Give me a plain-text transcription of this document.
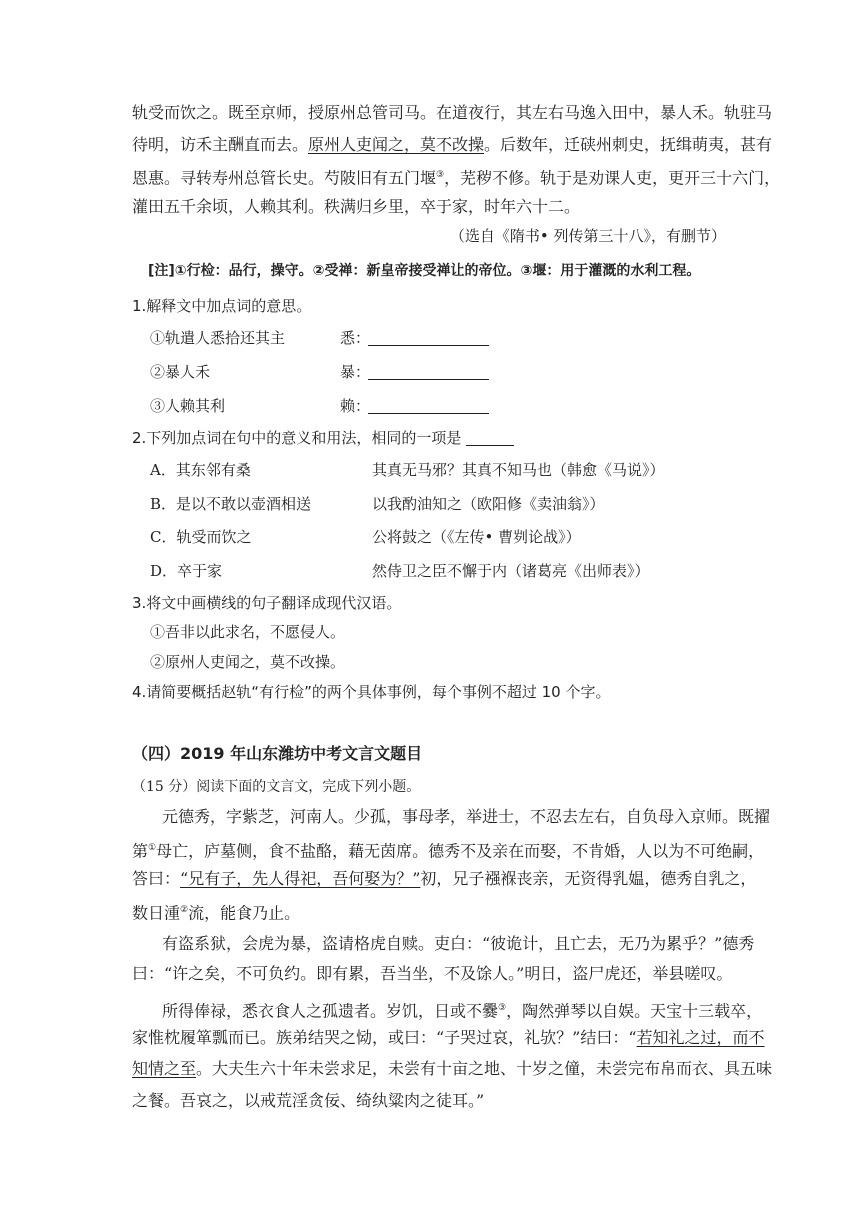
轨受而饮之。既至京师，授原州总管司马。在道夜行，其左右马逸入田中，暴人禾。轨驻马
待明，访禾主酬直而去。原州人吏闻之，莫不改操。后数年，迁硖州刺史，抚缉萌夷，甚有
恩惠。寻转寿州总管长史。芍陂旧有五门堰③，芜秽不修。轨于是劝课人吏，更开三十六门，
灌田五千余顷，人赖其利。秩满归乡里，卒于家，时年六十二。
（选自《隋书• 列传第三十八》，有删节）
[注]①行检：品行，操守。②受禅：新皇帝接受禅让的帝位。③堰：用于灌溉的水利工程。
1.解释文中加点词的意思。
①轨遣人悉拾还其主	悉：
②暴人禾	暴：
③人赖其利	赖：
2.下列加点词在句中的意义和用法，相同的一项是
A．其东邻有桑	其真无马邪？其真不知马也（韩愈《马说》）
B．是以不敢以壶酒相送	以我酌油知之（欧阳修《卖油翁》）
C．轨受而饮之	公将鼓之（《左传• 曹刿论战》）
D．卒于家	然侍卫之臣不懈于内（诸葛亮《出师表》）
3.将文中画横线的句子翻译成现代汉语。
①吾非以此求名，不愿侵人。
②原州人吏闻之，莫不改操。
4.请简要概括赵轨“有行检”的两个具体事例，每个事例不超过 10 个字。
（四）2019 年山东潍坊中考文言文题目
（15 分）阅读下面的文言文，完成下列小题。
元德秀，字紫芝，河南人。少孤，事母孝，举进士，不忍去左右，自负母入京师。既擢
第①母亡，庐墓侧，食不盐酪，藉无茵席。德秀不及亲在而娶，不肯婚，人以为不可绝嗣，
答曰：“兄有子，先人得祀，吾何娶为？”初，兄子襁褓丧亲，无资得乳媪，德秀自乳之，
数日湩②流，能食乃止。
有盗系狱，会虎为暴，盗请格虎自赎。吏白：“彼诡计，且亡去，无乃为累乎？”德秀
曰：“许之矣，不可负约。即有累，吾当坐，不及馀人。”明日，盗尸虎还，举县嗟叹。
所得俸禄，悉衣食人之孤遗者。岁饥，日或不爨③，陶然弹琴以自娱。天宝十三载卒，
家惟枕履箪瓢而已。族弟结哭之恸，或曰：“子哭过哀，礼欤？”结曰：“若知礼之过，而不
知情之至。大夫生六十年未尝求足，未尝有十亩之地、十岁之僮，未尝完布帛而衣、具五味
之餐。吾哀之，以戒荒淫贪佞、绮纨粱肉之徒耳。”
